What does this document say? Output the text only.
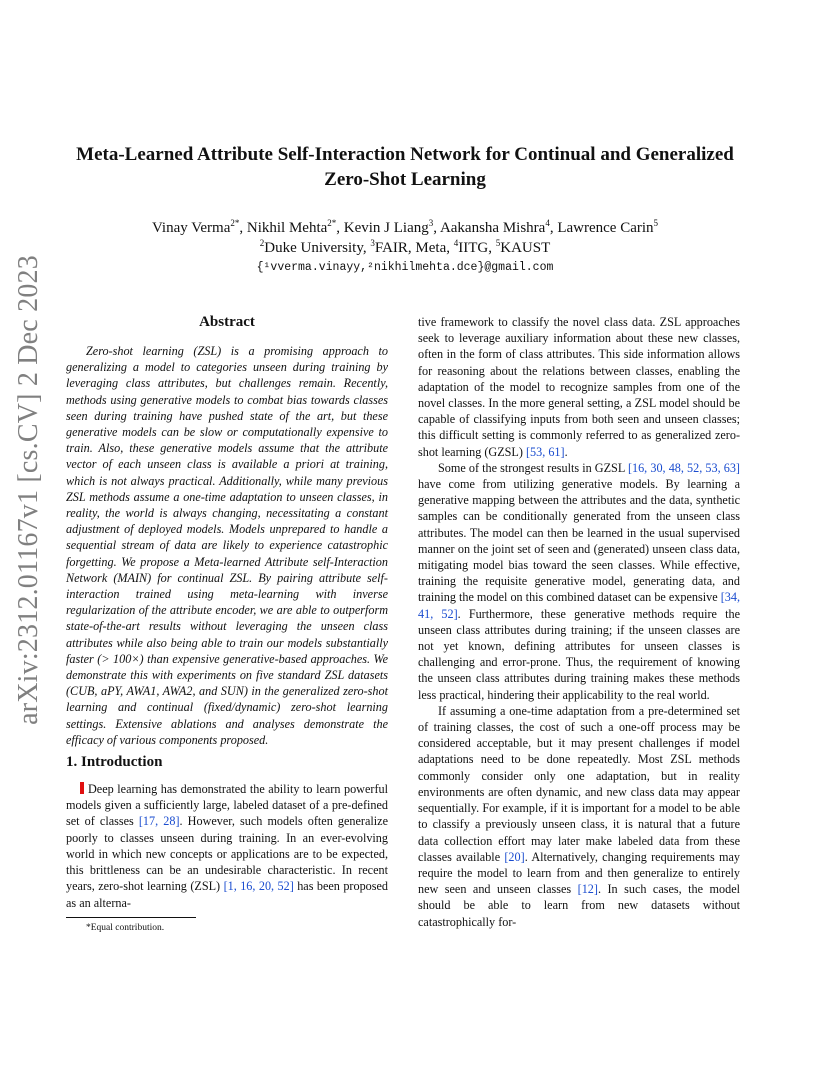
arXiv:2312.01167v1 [cs.CV] 2 Dec 2023
Meta-Learned Attribute Self-Interaction Network for Continual and Generalized
Zero-Shot Learning
Vinay Verma$^{2*}$, Nikhil Mehta$^{2*}$, Kevin J Liang$^3$, Aakansha Mishra$^4$, Lawrence Carin$^5$
$^2$Duke University, $^3$FAIR, Meta, $^4$IITG, $^5$KAUST
{¹vverma.vinayy,²nikhilmehta.dce}@gmail.com
Abstract

Zero-shot learning (ZSL) is a promising approach to generalizing a model to categories unseen during training by leveraging class attributes, but challenges remain. Recently, methods using generative models to combat bias towards classes seen during training have pushed state of the art, but these generative models can be slow or computationally expensive to train. Also, these generative models assume that the attribute vector of each unseen class is available a priori at training, which is not always practical. Additionally, while many previous ZSL methods assume a one-time adaptation to unseen classes, in reality, the world is always changing, necessitating a constant adjustment of deployed models. Models unprepared to handle a sequential stream of data are likely to experience catastrophic forgetting. We propose a Meta-learned Attribute self-Interaction Network (MAIN) for continual ZSL. By pairing attribute self-interaction trained using meta-learning with inverse regularization of the attribute encoder, we are able to outperform state-of-the-art results without leveraging the unseen class attributes while also being able to train our models substantially faster (> 100×) than expensive generative-based approaches. We demonstrate this with experiments on five standard ZSL datasets (CUB, aPY, AWA1, AWA2, and SUN) in the generalized zero-shot learning and continual (fixed/dynamic) zero-shot learning settings. Extensive ablations and analyses demonstrate the efficacy of various components proposed.

1. Introduction

Deep learning has demonstrated the ability to learn powerful models given a sufficiently large, labeled dataset of a pre-defined set of classes [17, 28]. However, such models often generalize poorly to classes unseen during training. In an ever-evolving world in which new concepts or applications are to be expected, this brittleness can be an undesirable characteristic. In recent years, zero-shot learning (ZSL) [1, 16, 20, 52] has been proposed as an alterna-

*Equal contribution.

tive framework to classify the novel class data. ZSL approaches seek to leverage auxiliary information about these new classes, often in the form of class attributes. This side information allows for reasoning about the relations between classes, enabling the adaptation of the model to recognize samples from one of the novel classes. In the more general setting, a ZSL model should be capable of classifying inputs from both seen and unseen classes; this difficult setting is commonly referred to as generalized zero-shot learning (GZSL) [53, 61].

Some of the strongest results in GZSL [16, 30, 48, 52, 53, 63] have come from utilizing generative models. By learning a generative mapping between the attributes and the data, synthetic samples can be conditionally generated from the unseen class attributes. The model can then be learned in the usual supervised manner on the joint set of seen and (generated) unseen class data, mitigating model bias toward the seen classes. While effective, training the requisite generative model, generating data, and training the model on this combined dataset can be expensive [34, 41, 52]. Furthermore, these generative methods require the unseen class attributes during training; if the unseen classes are not yet known, defining attributes for unseen classes is challenging and error-prone. Thus, the requirement of knowing the unseen class attributes during training makes these methods less practical, hindering their applicability to the real world.

If assuming a one-time adaptation from a pre-determined set of training classes, the cost of such a one-off process may be considered acceptable, but it may present challenges if model adaptations need to be done repeatedly. Most ZSL methods commonly consider only one adaptation, but in reality environments are often dynamic, and new class data may appear sequentially. For example, if it is important for a model to be able to classify a previously unseen class, it is natural that a future data collection effort may later make labeled data from these classes available [20]. Alternatively, changing requirements may require the model to learn from and then generalize to entirely new seen and unseen classes [12]. In such cases, the model should be able to learn from new datasets without catastrophically for-
